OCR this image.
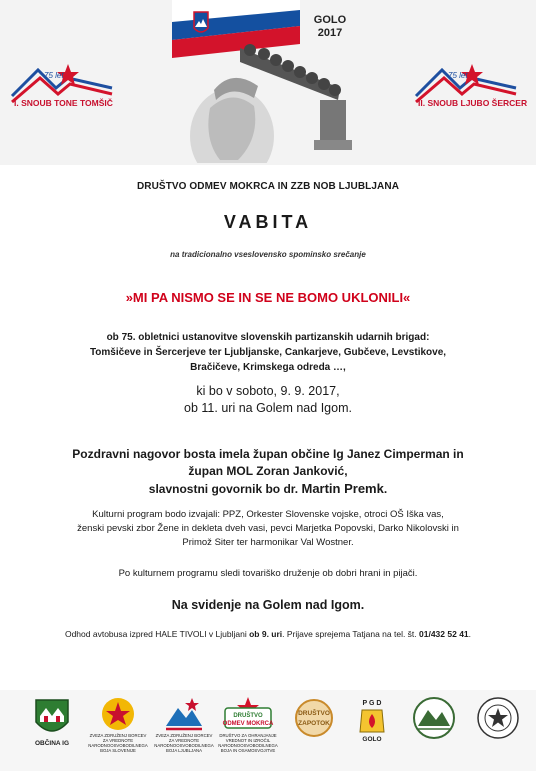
GOLO
2017
75 let
I. SNOUB TONE TOMŠIČ
75 let
II. SNOUB LJUBO ŠERCER
DRUŠTVO ODMEV MOKRCA IN ZZB NOB LJUBLJANA
VABITA
na tradicionalno vseslovensko spominsko srečanje
»MI PA NISMO SE IN SE NE BOMO UKLONILI«
ob 75. obletnici ustanovitve slovenskih partizanskih udarnih brigad:
Tomšičeve in Šercerjeve ter Ljubljanske, Cankarjeve, Gubčeve, Levstikove,
Bračičeve, Krimskega odreda …,
ki bo v soboto, 9. 9. 2017,
ob 11. uri na Golem nad Igom.
Pozdravni nagovor bosta imela župan občine Ig Janez Cimperman in
župan MOL Zoran Janković,
slavnostni govornik bo dr. Martin Premk.
Kulturni program bodo izvajali: PPZ, Orkester Slovenske vojske, otroci OŠ Iška vas,
ženski pevski zbor Žene in dekleta dveh vasi, pevci Marjetka Popovski, Darko Nikolovski in
Primož Siter ter harmonikar Val Wostner.
Po kulturnem programu sledi tovariško druženje ob dobri hrani in pijači.
Na svidenje na Golem nad Igom.
Odhod avtobusa izpred HALE TIVOLI v Ljubljani ob 9. uri. Prijave sprejema Tatjana na tel. št. 01/432 52 41.
OBČINA IG
ZVEZA ZDRUŽENJ BORCEV ZA VREDNOTE NARODNOOSVOBODILNEGA BOJA SLOVENIJE
ZVEZA ZDRUŽENJ BORCEV ZA VREDNOTE NARODNOOSVOBODILNEGA BOJA LJUBLJANA
DRUŠTVO
ODMEV MOKRCA
DRUŠTVO ZA OHRANJANJE VREDNOT IN IZROČIL NARODNOOSVOBODILNEGA BOJA IN OSAMOSVOJITVE
DRUŠTVO
ZAPOTOK
P G D
GOLO
